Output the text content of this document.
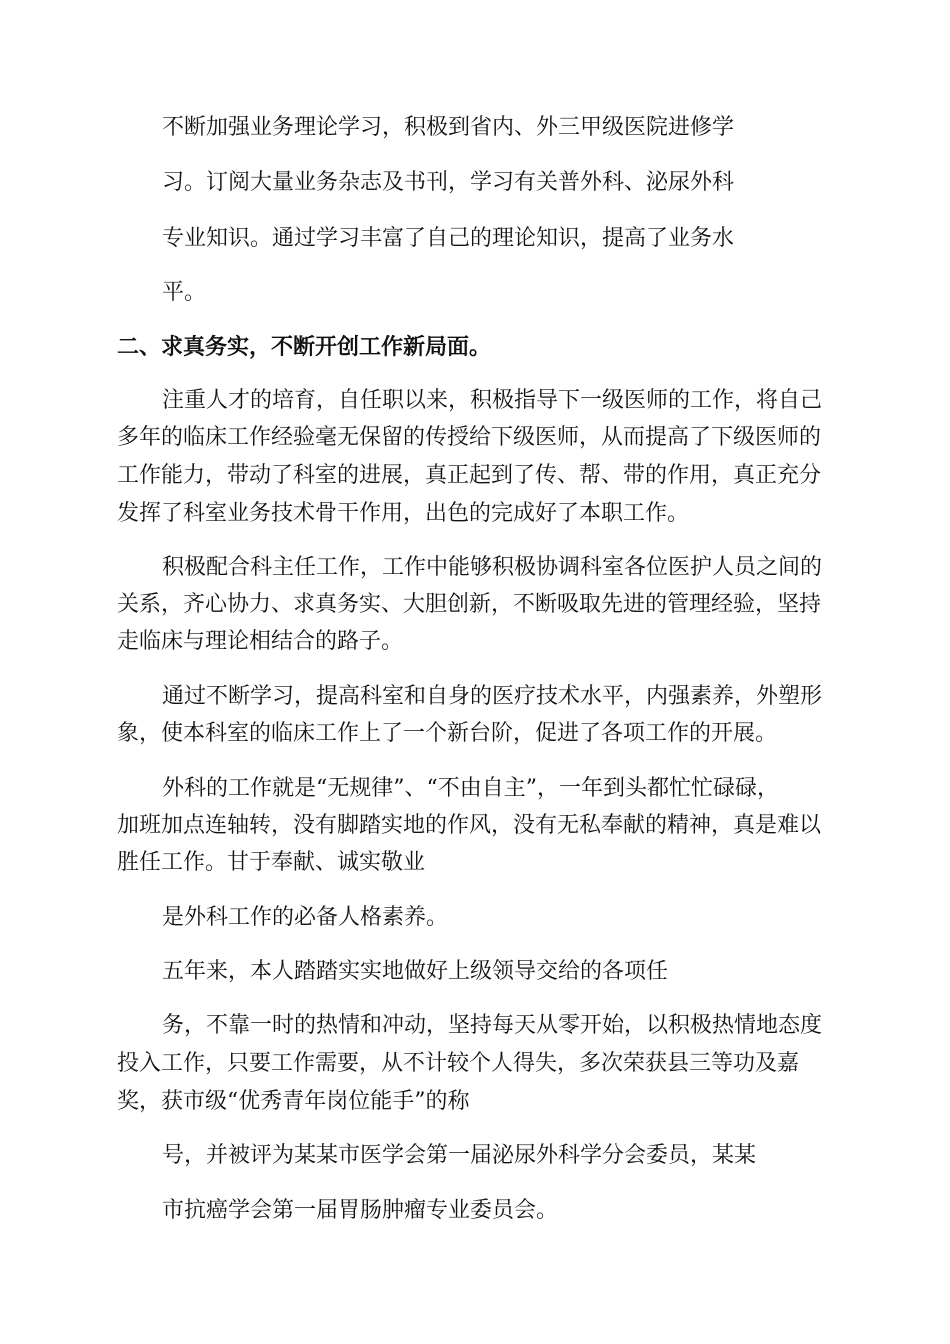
不断加强业务理论学习，积极到省内、外三甲级医院进修学
习。订阅大量业务杂志及书刊，学习有关普外科、泌尿外科
专业知识。通过学习丰富了自己的理论知识，提高了业务水
平。
二、求真务实，不断开创工作新局面。
注重人才的培育，自任职以来，积极指导下一级医师的工作，将自己
多年的临床工作经验毫无保留的传授给下级医师，从而提高了下级医师的
工作能力，带动了科室的进展，真正起到了传、帮、带的作用，真正充分
发挥了科室业务技术骨干作用，出色的完成好了本职工作。
积极配合科主任工作，工作中能够积极协调科室各位医护人员之间的
关系，齐心协力、求真务实、大胆创新，不断吸取先进的管理经验，坚持
走临床与理论相结合的路子。
通过不断学习，提高科室和自身的医疗技术水平，内强素养，外塑形
象，使本科室的临床工作上了一个新台阶，促进了各项工作的开展。
外科的工作就是“无规律”、“不由自主”，一年到头都忙忙碌碌，
加班加点连轴转，没有脚踏实地的作风，没有无私奉献的精神，真是难以
胜任工作。甘于奉献、诚实敬业
是外科工作的必备人格素养。
五年来，本人踏踏实实地做好上级领导交给的各项任
务，不靠一时的热情和冲动，坚持每天从零开始，以积极热情地态度
投入工作，只要工作需要，从不计较个人得失，多次荣获县三等功及嘉
奖，获市级“优秀青年岗位能手”的称
号，并被评为某某市医学会第一届泌尿外科学分会委员，某某
市抗癌学会第一届胃肠肿瘤专业委员会。
